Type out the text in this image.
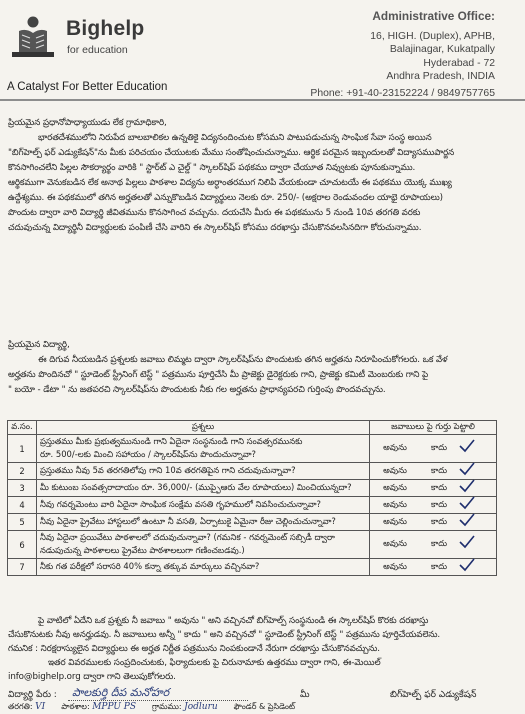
Bighelp
for education
A Catalyst For Better Education
Administrative Office:
16, HIGH. (Duplex), APHB,
Balajinagar, Kukatpally
Hyderabad - 72
Andhra Pradesh, INDIA
Phone: +91-40-23152224 / 9849757765

ప్రియమైన ప్రధానోపాధ్యాయుడు లేక గ్రామాధికారి,

భారతదేశములోని నిరుపేద బాలబాలికల ఉన్నతికై విద్యనందించుట కోసమని పాటుపడుచున్న సాంఘిక సేవా సంస్థ అయిన

"బిగ్‌హెల్ప్ ఫర్ ఎడ్యుకేషన్"ను మీకు పరిచయం చేయుటకు మేము సంతోషించుచున్నాము. ఆర్థిక పరమైన ఇబ్బందులతో విద్యాసముపార్జన

కొనసాగించలేని పిల్లల సౌకర్యార్థం వారికి " స్టార్‌ట్ ఎ చైల్డ్ " స్కాలర్‌షిప్ పథకము ద్వారా చేయూత నివ్వుటకు పూనుకున్నాము.

ఆర్థికముగా వెనుకబడిన లేక అనాథ పిల్లలు పాఠశాల విద్యను అర్ధాంతరముగ నిలిపి వేయకుండా చూచుటయే ఈ పథకము యొక్క ముఖ్య

ఉద్దేశ్యము. ఈ పథకములో తగిన అర్హతలతో ఎన్నుకొబడిన విద్యార్థులు నెలకు రూ. 250/- (అక్షరాల రెండువందల యాభై రూపాయలు)

పొందుట ద్వారా వారి విద్యార్థి జీవితమును కొనసాగించ వచ్చును. దయచేసి మీరు ఈ పథకమును 5 నుండి 10వ తరగతి వరకు

చదువుచున్న విద్యార్థినీ విద్యార్థులకు పంపిణీ చేసి వారిని ఈ స్కాలర్‌షిప్ కోసము దరఖాస్తు చేసుకొనవలసినదిగా కోరుచున్నాము.

ప్రియమైన విద్యార్థి,

ఈ దిగువ నీయబడిన ప్రశ్నలకు జవాబు లిమ్మట ద్వారా స్కాలర్‌షిప్‌ను పొందుటకు తగిన అర్హతను నిరూపించుకోగలరు. ఒక వేళ

అర్హతను పొందినచో " స్టూడెంట్ స్ట్రీనింగ్ టెస్ట్ " పత్రమును పూర్తిచేసి మీ ప్రాజెక్టు డైరెక్టరుకు గాని, ప్రాజెక్టు కమిటీ మెంబరుకు గాని పై

" బయో - డేటా " ను జతపరచి స్కాలర్‌షిప్‌ను పొందుటకు నీకు గల అర్హతను ప్రాధాన్యపరచి గుర్తింపు పొందవచ్చును.

వ.సం.	ప్రశ్నలు	జవాబులు పై గుర్తు పెట్టాలి
1	ప్రస్తుతము మీకు ప్రభుత్వమునుండి గాని ఏదైనా సంస్థనుండి గాని సంవత్సరమునకు
రూ. 500/-లకు మించి సహాయం / స్కాలర్‌షిప్‌ను పొందుచున్నావా?	అవును కాదు

2	ప్రస్తుతము నీవు 5వ తరగతిలోపు గాని 10వ తరగతిపైన గాని చదువుచున్నావా?	అవును కాదు

3	మీ కుటుంబ సంవత్సరాదాయం రూ. 36,000/- (ముప్ఫైఆరు వేల రూపాయలు) మించియున్నదా?	అవును కాదు

4	నీవు గవర్నమెంటు వారి ఏదైనా సాంఘిక సంక్షేమ వసతి గృహములో నివసించుచున్నావా?	అవును కాదు

5	నీవు ఏదైనా ప్రైవేటు హాస్టలులో ఉంటూ నీ వసతి, ఏర్పాటుకై ఏమైనా రీజు చెల్లించుచున్నావా?	అవును కాదు

6	నీవు ఏదైనా ప్రయివేటు పాఠశాలలో చదువుచున్నావా? (గమనిక - గవర్నమెంట్ సబ్సిడీ ద్వారా
నడుపుచున్న పాఠశాలలు ప్రైవేటు పాఠశాలలుగా గణించబడవు.)	అవును కాదు

7	నీకు గత పరీక్షలో సరాసరి 40% కన్నా తక్కువ మార్కులు వచ్చినవా?	అవును కాదు

పై వాటిలో ఏదేని ఒక ప్రశ్నకు నీ జవాబు " అవును " అని వచ్చినచో బిగ్‌హెల్ప్ సంస్థనుండి ఈ స్కాలర్‌షిప్ కొరకు దరఖాస్తు

చేసుకొనుటకు నీవు అనర్హుడవు. నీ జవాబులు అన్నీ " కాదు " అని వచ్చినచో " స్టూడెంట్ స్ట్రీనింగ్ టెస్ట్ " పత్రమును పూర్తిచేయవలెను.

గమనిక : నిరక్షరాస్యులైన విద్యార్థులు ఈ అర్హత నిర్ణీత పత్రమును నింపకుండానే నేరుగా దరఖాస్తు చేసుకొనవచ్చును.

ఇతర వివరములకు సంప్రదించుటకు, ఫిర్యాదులకు పై చిరునామాకు ఉత్తరము ద్వారా గాని, ఈ-మెయిల్

info@bighelp.org ద్వారా గాని తెలుపుకోగలరు.

విద్యార్థి పేరు : పాలకుర్తి దీప మనోహర	మీ	బిగ్‌హెల్ప్ ఫర్ ఎడ్యుకేషన్
తరగతి: VI పాఠశాల: MPPU PS గ్రామము: Jodluru ఫౌండర్ & ప్రెసిడెంట్
